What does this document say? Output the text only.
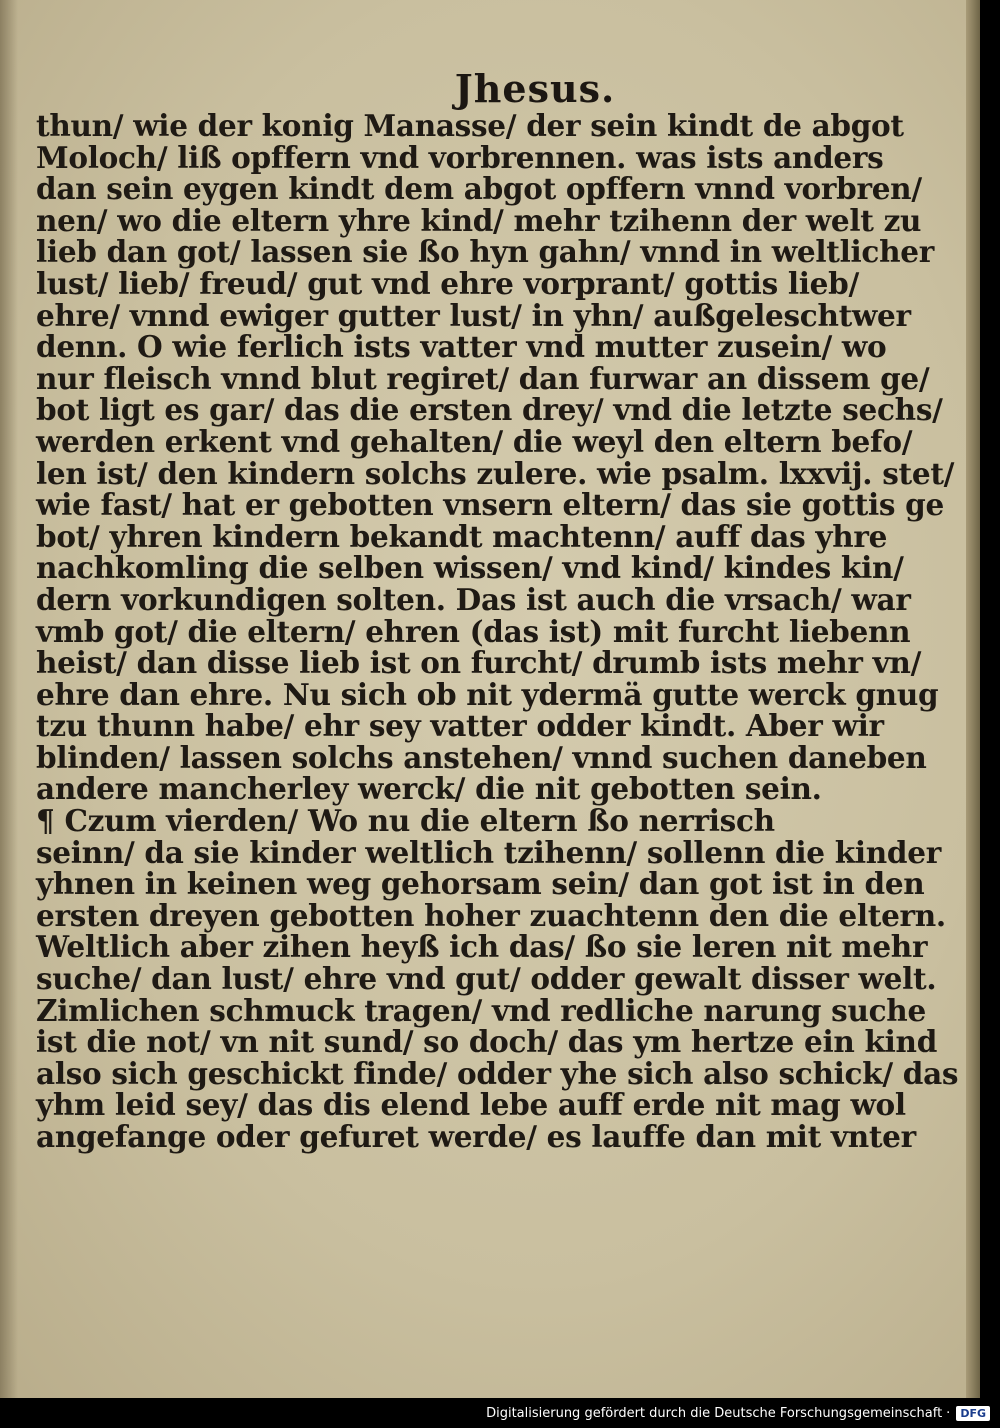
Jhesus.
thun/ wie der konig Manasse/ der sein kindt de abgot
Moloch/ liß opffern vnd vorbrennen. was ists anders
dan sein eygen kindt dem abgot opffern vnnd vorbren/
nen/ wo die eltern yhre kind/ mehr tzihenn der welt zu
lieb dan got/ lassen sie ßo hyn gahn/ vnnd in weltlicher
lust/ lieb/ freud/ gut vnd ehre vorprant/ gottis lieb/
ehre/ vnnd ewiger gutter lust/ in yhn/ außgeleschtwer
denn. O wie ferlich ists vatter vnd mutter zusein/ wo
nur fleisch vnnd blut regiret/ dan furwar an dissem ge/
bot ligt es gar/ das die ersten drey/ vnd die letzte sechs/
werden erkent vnd gehalten/ die weyl den eltern befo/
len ist/ den kindern solchs zulere. wie psalm. lxxvij. stet/
wie fast/ hat er gebotten vnsern eltern/ das sie gottis ge
bot/ yhren kindern bekandt machtenn/ auff das yhre
nachkomling die selben wissen/ vnd kind/ kindes kin/
dern vorkundigen solten. Das ist auch die vrsach/ war
vmb got/ die eltern/ ehren (das ist) mit furcht liebenn
heist/ dan disse lieb ist on furcht/ drumb ists mehr vn/
ehre dan ehre. Nu sich ob nit ydermä gutte werck gnug
tzu thunn habe/ ehr sey vatter odder kindt. Aber wir
blinden/ lassen solchs anstehen/ vnnd suchen daneben
andere mancherley werck/ die nit gebotten sein.
¶ Czum vierden/ Wo nu die eltern ßo nerrisch
seinn/ da sie kinder weltlich tzihenn/ sollenn die kinder
yhnen in keinen weg gehorsam sein/ dan got ist in den
ersten dreyen gebotten hoher zuachtenn den die eltern.
Weltlich aber zihen heyß ich das/ ßo sie leren nit mehr
suche/ dan lust/ ehre vnd gut/ odder gewalt disser welt.
Zimlichen schmuck tragen/ vnd redliche narung suche
ist die not/ vn nit sund/ so doch/ das ym hertze ein kind
also sich geschickt finde/ odder yhe sich also schick/ das
yhm leid sey/ das dis elend lebe auff erde nit mag wol
angefange oder gefuret werde/ es lauffe dan mit vnter
Digitalisierung gefördert durch die Deutsche Forschungsgemeinschaft · DFG
